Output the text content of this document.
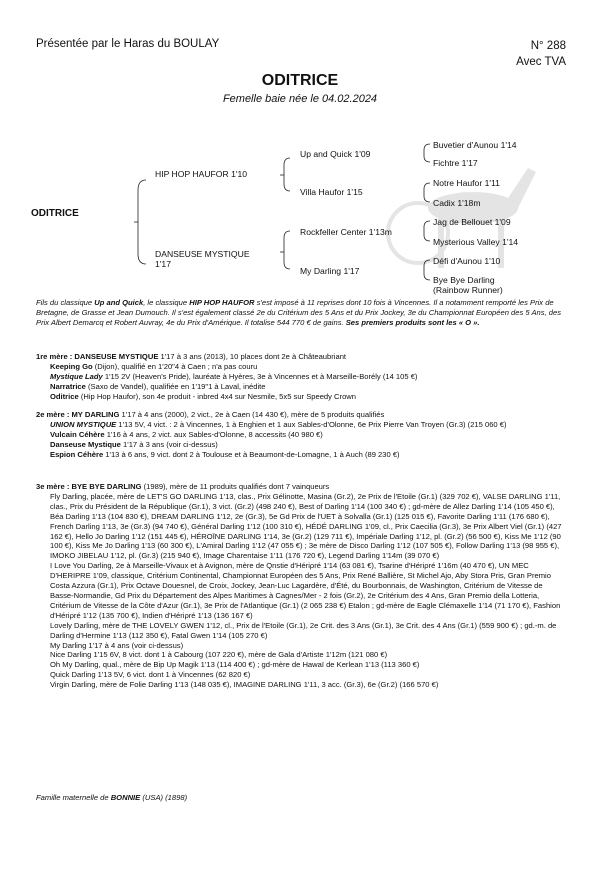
Présentée par le Haras du BOULAY	N° 288
Avec TVA
ODITRICE
Femelle baie née le 04.02.2024
ODITRICE
HIP HOP HAUFOR 1'10
DANSEUSE MYSTIQUE
1'17
Up and Quick 1'09
Villa Haufor 1'15
Rockfeller Center 1'13m
My Darling 1'17
Buvetier d'Aunou 1'14
Fichtre 1'17
Notre Haufor 1'11
Cadix 1'18m
Jag de Bellouet 1'09
Mysterious Valley 1'14
Défi d'Aunou 1'10
Bye Bye Darling
(Rainbow Runner)
Fils du classique Up and Quick, le classique HIP HOP HAUFOR s'est imposé à 11 reprises dont 10 fois à Vincennes. Il a notamment remporté les Prix de Bretagne, de Grasse et Jean Dumouch. Il s'est également classé 2e du Critérium des 5 Ans et du Prix Jockey, 3e du Championnat Européen des 5 Ans, des Prix Albert Demarcq et Robert Auvray, 4e du Prix d'Amérique. Il totalise 544 770 € de gains. Ses premiers produits sont les « O ».

1re mère : DANSEUSE MYSTIQUE 1'17 à 3 ans (2013), 10 places dont 2e à Châteaubriant

Keeping Go (Dijon), qualifié en 1'20"4 à Caen ; n'a pas couru

Mystique Lady 1'15 2V (Heaven's Pride), lauréate à Hyères, 3e à Vincennes et à Marseille-Borély (14 105 €)

Narratrice (Saxo de Vandel), qualifiée en 1'19"1 à Laval, inédite

Oditrice (Hip Hop Haufor), son 4e produit - inbred 4x4 sur Nesmile, 5x5 sur Speedy Crown

2e mère : MY DARLING 1'17 à 4 ans (2000), 2 vict., 2e à Caen (14 430 €), mère de 5 produits qualifiés

UNION MYSTIQUE 1'13 5V, 4 vict. : 2 à Vincennes, 1 à Enghien et 1 aux Sables-d'Olonne, 6e Prix Pierre Van Troyen (Gr.3) (215 060 €)

Vulcain Céhère 1'16 à 4 ans, 2 vict. aux Sables-d'Olonne, 8 accessits (40 980 €)

Danseuse Mystique 1'17 à 3 ans (voir ci-dessus)

Espion Céhère 1'13 à 6 ans, 9 vict. dont 2 à Toulouse et à Beaumont-de-Lomagne, 1 à Auch (89 230 €)

3e mère : BYE BYE DARLING (1989), mère de 11 produits qualifiés dont 7 vainqueurs

Fly Darling, placée, mère de LET'S GO DARLING 1'13, clas., Prix Gélinotte, Masina (Gr.2), 2e Prix de l'Etoile (Gr.1) (329 702 €), VALSE DARLING 1'11, clas., Prix du Président de la République (Gr.1), 3 vict. (Gr.2) (498 240 €), Best of Darling 1'14 (100 340 €) ; gd-mère de Allez Darling 1'14 (105 450 €), Béa Darling 1'13 (104 830 €), DREAM DARLING 1'12, 2e (Gr.3), 5e Gd Prix de l'UET à Solvalla (Gr.1) (125 015 €), Favorite Darling 1'11 (176 680 €), French Darling 1'13, 3e (Gr.3) (94 740 €), Général Darling 1'12 (100 310 €), HÉDÉ DARLING 1'09, cl., Prix Caecilia (Gr.3), 3e Prix Albert Viel (Gr.1) (427 162 €), Hello Jo Darling 1'12 (151 445 €), HÉROÏNE DARLING 1'14, 3e (Gr.2) (129 711 €), Impériale Darling 1'12, pl. (Gr.2) (56 500 €), Kiss Me 1'12 (90 100 €), Kiss Me Jo Darling 1'13 (60 300 €), L'Amiral Darling 1'12 (47 055 €) ; 3e mère de Disco Darling 1'12 (107 505 €), Follow Darling 1'13 (98 955 €), IMOKO JIBELAU 1'12, pl. (Gr.3) (215 940 €), Image Charentaise 1'11 (176 720 €), Legend Darling 1'14m (39 070 €)

I Love You Darling, 2e à Marseille-Vivaux et à Avignon, mère de Qnstie d'Hériρré 1'14 (63 081 €), Tsarine d'Hériρré 1'16m (40 470 €), UN MEC D'HERIPRE 1'09, classique, Critérium Continental, Championnat Européen des 5 Ans, Prix René Ballière, St Michel Ajo, Aby Stora Pris, Gran Premio Costa Azzura (Gr.1), Prix Octave Douesnel, de Croix, Jockey, Jean-Luc Lagardère, d'Été, du Bourbonnais, de Washington, Critérium de Vitesse de Basse-Normandie, Gd Prix du Département des Alpes Maritimes à Cagnes/Mer - 2 fois (Gr.2), 2e Critérium des 4 Ans, Gran Premio della Lotteria, Critérium de Vitesse de la Côte d'Azur (Gr.1), 3e Prix de l'Atlantique (Gr.1) (2 065 238 €) Etalon ; gd-mère de Eagle Clémaxelle 1'14 (71 170 €), Fashion d'Hériρré 1'12 (135 700 €), Indien d'Hériρré 1'13 (136 167 €)

Lovely Darling, mère de THE LOVELY GWEN 1'12, cl., Prix de l'Etoile (Gr.1), 2e Crit. des 3 Ans (Gr.1), 3e Crit. des 4 Ans (Gr.1) (559 900 €) ; gd.-m. de Darling d'Hermine 1'13 (112 350 €), Fatal Gwen 1'14 (105 270 €)

My Darling 1'17 à 4 ans (voir ci-dessus)

Nice Darling 1'15 6V, 8 vict. dont 1 à Cabourg (107 220 €), mère de Gala d'Artiste 1'12m (121 080 €)

Oh My Darling, qual., mère de Bip Up Magik 1'13 (114 400 €) ; gd-mère de Hawaï de Kerlean 1'13 (113 360 €)

Quick Darling 1'13 5V, 6 vict. dont 1 à Vincennes (62 820 €)

Virgin Darling, mère de Folie Darling 1'13 (148 035 €), IMAGINE DARLING 1'11, 3 acc. (Gr.3), 6e (Gr.2) (166 570 €)

Famille maternelle de BONNIE (USA) (1898)
